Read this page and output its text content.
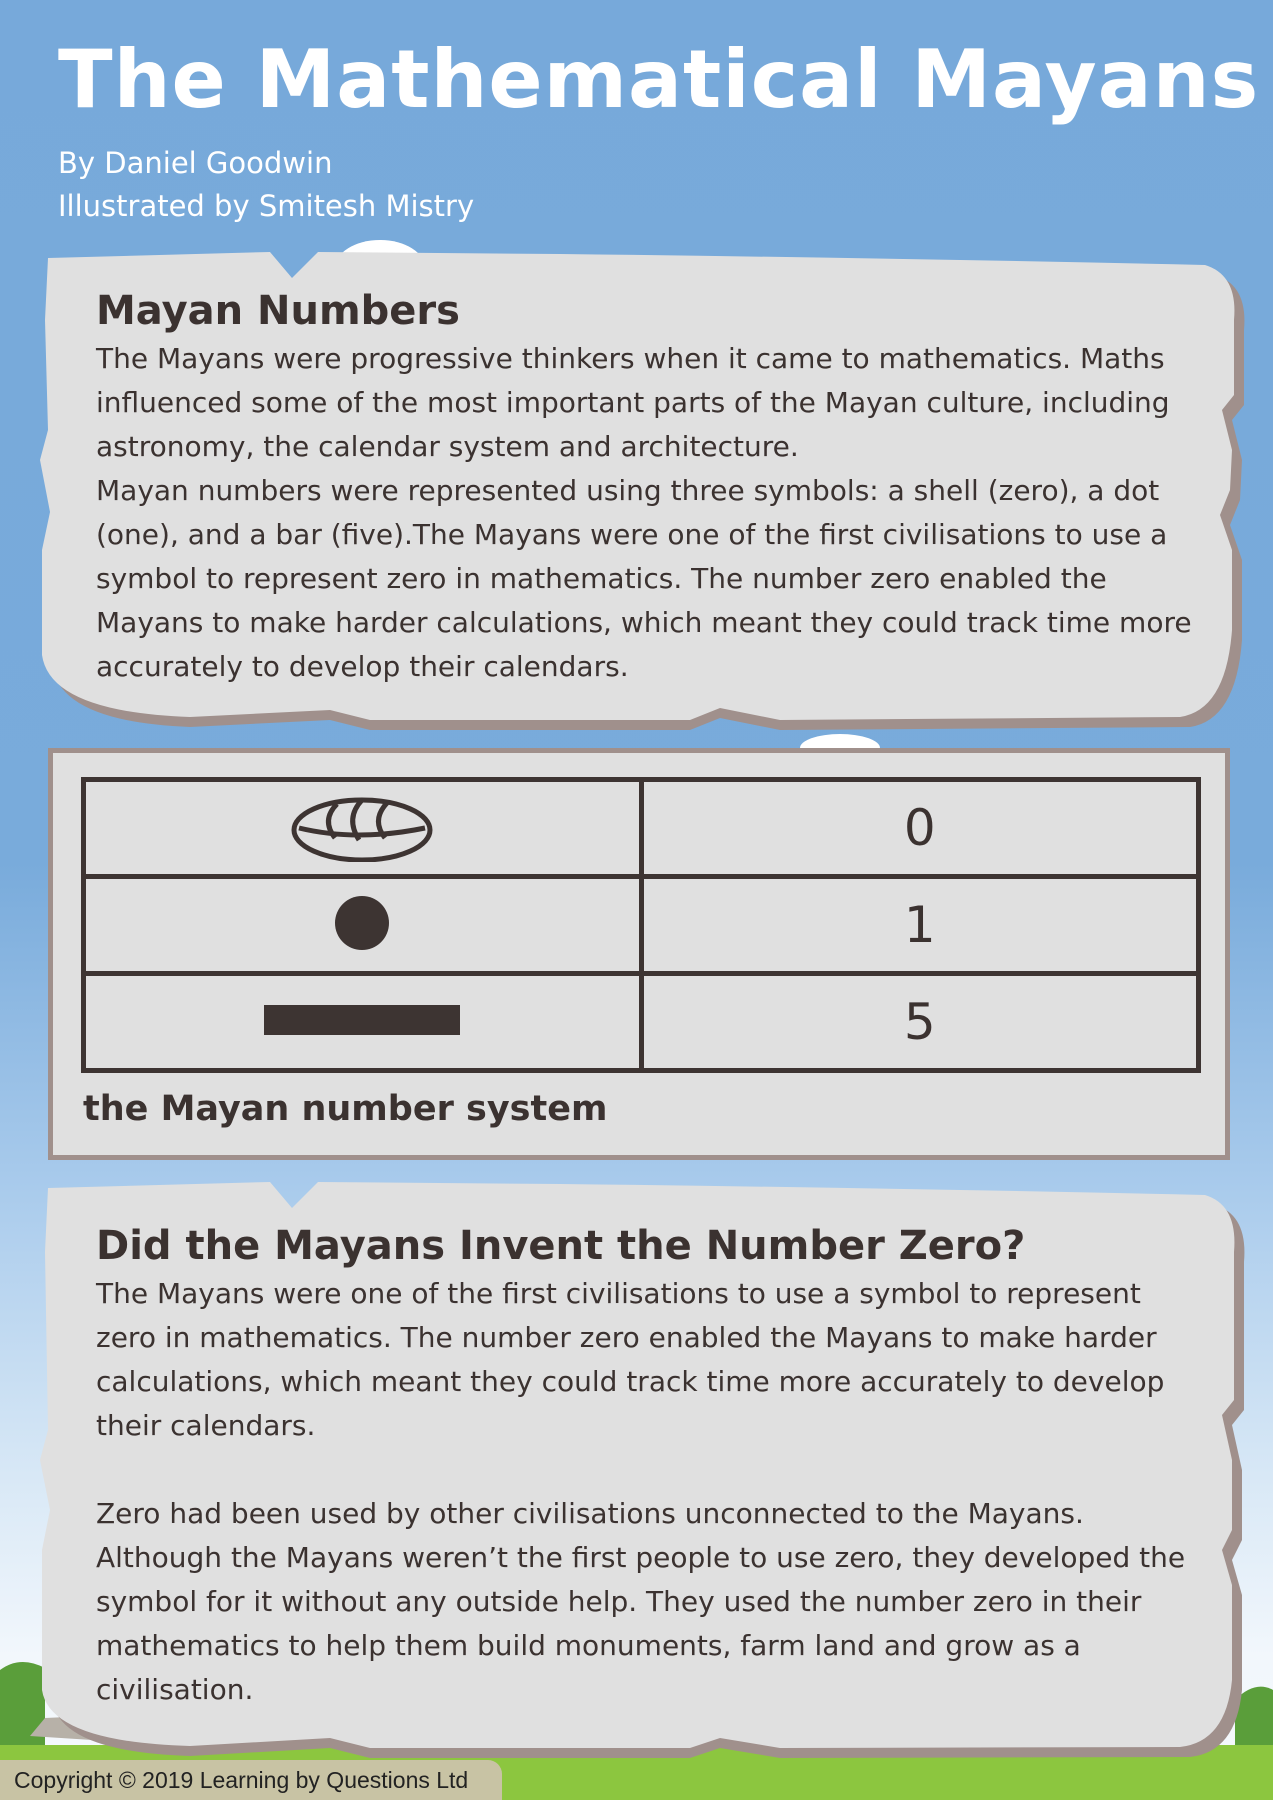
The Mathematical Mayans
By Daniel Goodwin
Illustrated by Smitesh Mistry
Mayan Numbers

The Mayans were progressive thinkers when it came to mathematics. Maths influenced some of the most important parts of the Mayan culture, including astronomy, the calendar system and architecture.

Mayan numbers were represented using three symbols: a shell (zero), a dot (one), and a bar (five).The Mayans were one of the first civilisations to use a symbol to represent zero in mathematics. The number zero enabled the Mayans to make harder calculations, which meant they could track time more accurately to develop their calendars.

	0
	1
	5
the Mayan number system
Did the Mayans Invent the Number Zero?

The Mayans were one of the first civilisations to use a symbol to represent zero in mathematics. The number zero enabled the Mayans to make harder calculations, which meant they could track time more accurately to develop their calendars.

Zero had been used by other civilisations unconnected to the Mayans. Although the Mayans weren’t the first people to use zero, they developed the symbol for it without any outside help. They used the number zero in their mathematics to help them build monuments, farm land and grow as a civilisation.

Copyright © 2019 Learning by Questions Ltd
